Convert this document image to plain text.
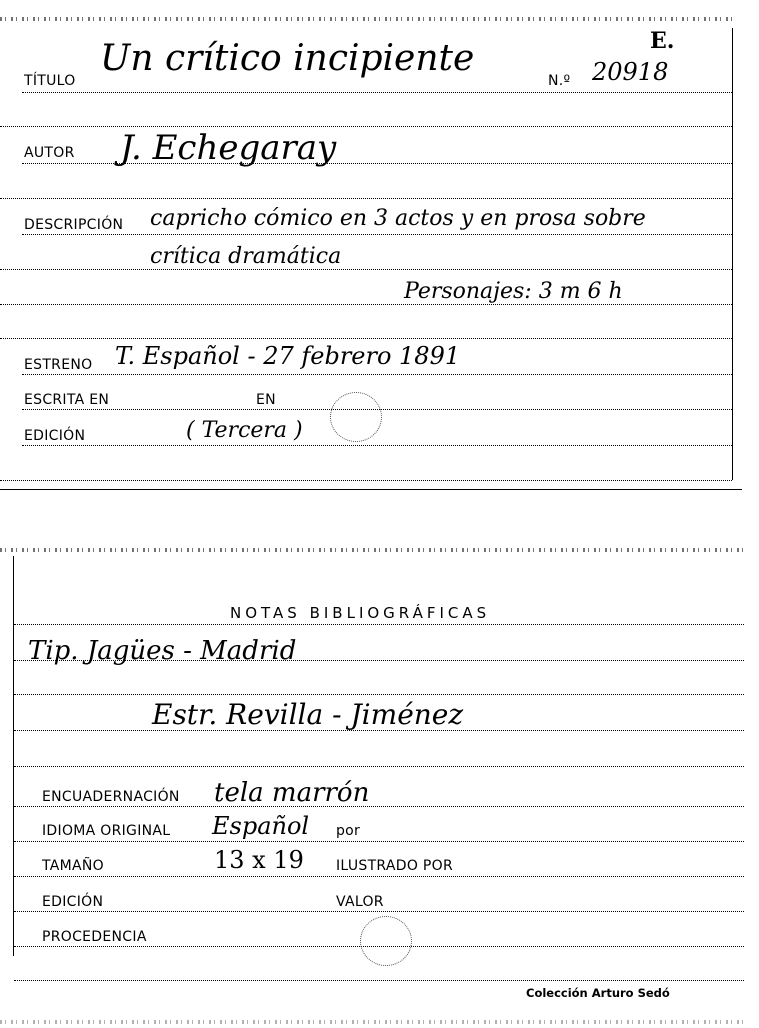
TÍTULO
Un crítico incipiente
N.º 20918
E.
AUTOR J. Echegaray
DESCRIPCIÓN capricho cómico en 3 actos y en prosa sobre
crítica dramática
Personajes: 3 m 6 h
ESTRENO T. Español - 27 febrero 1891
ESCRITA EN	EN
EDICIÓN	( Tercera )
NOTAS BIBLIOGRÁFICAS
Tip. Jagües - Madrid
Estr. Revilla - Jiménez
ENCUADERNACIÓN tela marrón
IDIOMA ORIGINAL Español por
TAMAÑO	13 x 19 ILUSTRADO POR
EDICIÓN	VALOR
PROCEDENCIA
Colección Arturo Sedó
